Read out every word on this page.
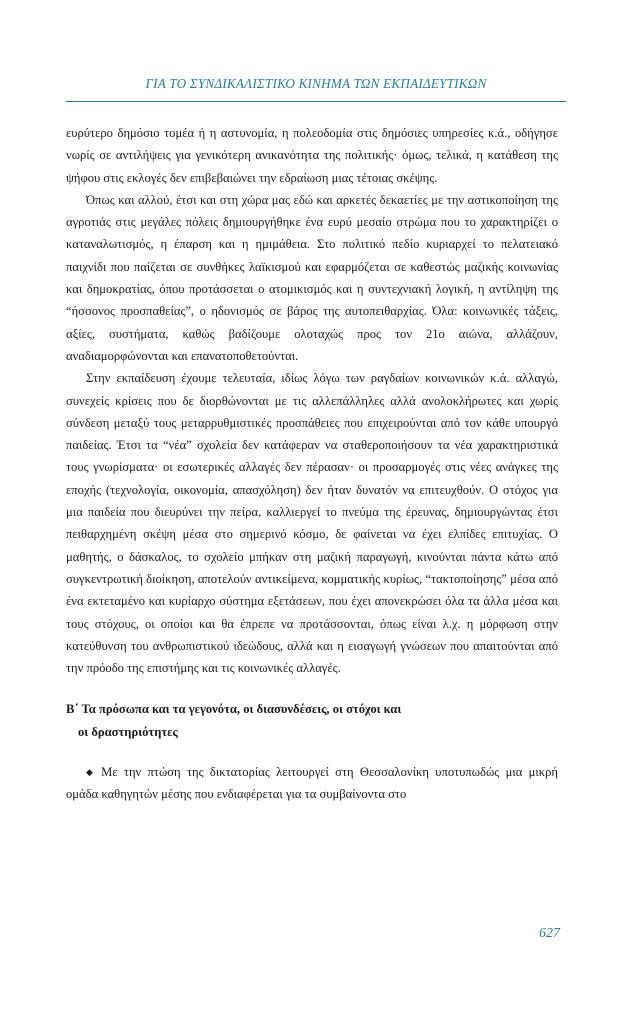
ΓΙΑ ΤΟ ΣΥΝΔΙΚΑΛΙΣΤΙΚΟ ΚΙΝΗΜΑ ΤΩΝ ΕΚΠΑΙΔΕΥΤΙΚΩΝ

ευρύτερο δημόσιο τομέα ή η αστυνομία, η πολεοδομία στις δημόσιες υπηρεσίες κ.ά., οδήγησε νωρίς σε αντιλήψεις για γενικότερη ανικανότητα της πολιτικής· όμως, τελικά, η κατάθεση της ψήφου στις εκλογές δεν επιβεβαιώνει την εδραίωση μιας τέτοιας σκέψης.

Όπως και αλλού, έτσι και στη χώρα μας εδώ και αρκετές δεκαετίες με την αστικοποίηση της αγροτιάς στις μεγάλες πόλεις δημιουργήθηκε ένα ευρύ μεσαίο στρώμα που το χαρακτηρίζει ο καταναλωτισμός, η έπαρση και η ημιμάθεια. Στο πολιτικό πεδίο κυριαρχεί το πελατειακό παιχνίδι που παίζεται σε συνθήκες λαϊκισμού και εφαρμόζεται σε καθεστώς μαζικής κοινωνίας και δημοκρατίας, όπου προτάσσεται ο ατομικισμός και η συντεχνιακή λογική, η αντίληψη της “ήσσονος προσπαθείας”, ο ηδονισμός σε βάρος της αυτοπειθαρχίας. Όλα: κοινωνικές τάξεις, αξίες, συστήματα, καθώς βαδίζουμε ολοταχώς προς τον 21ο αιώνα, αλλάζουν, αναδιαμορφώνονται και επανατοποθετούνται.

Στην εκπαίδευση έχουμε τελευταία, ιδίως λόγω των ραγδαίων κοινωνικών κ.ά. αλλαγώ, συνεχείς κρίσεις που δε διορθώνονται με τις αλλεπάλληλες αλλά ανολοκλήρωτες και χωρίς σύνδεση μεταξύ τους μεταρρυθμιστικές προσπάθειες που επιχειρούνται από τον κάθε υπουργό παιδείας. Έτσι τα “νέα” σχολεία δεν κατάφεραν να σταθεροποιήσουν τα νέα χαρακτηριστικά τους γνωρίσματα· οι εσωτερικές αλλαγές δεν πέρασαν· οι προσαρμογές στις νέες ανάγκες της εποχής (τεχνολογία, οικονομία, απασχόληση) δεν ήταν δυνατόν να επιτευχθούν. Ο στόχος για μια παιδεία που διευρύνει την πείρα, καλλιεργεί το πνεύμα της έρευνας, δημιουργώντας έτσι πειθαρχημένη σκέψη μέσα στο σημερινό κόσμο, δε φαίνεται να έχει ελπίδες επιτυχίας. Ο μαθητής, ο δάσκαλος, το σχολείο μπήκαν στη μαζική παραγωγή, κινούνται πάντα κάτω από συγκεντρωτική διοίκηση, αποτελούν αντικείμενα, κομματικής κυρίως, “τακτοποίησης” μέσα από ένα εκτεταμένο και κυρίαρχο σύστημα εξετάσεων, που έχει απονεκρώσει όλα τα άλλα μέσα και τους στόχους, οι οποίοι και θα έπρεπε να προτάσσονται, όπως είναι λ.χ. η μόρφωση στην κατεύθυνση του ανθρωπιστικού ιδεώδους, αλλά και η εισαγωγή γνώσεων που απαιτούνται από την πρόοδο της επιστήμης και τις κοινωνικές αλλαγές.

Β΄ Τα πρόσωπα και τα γεγονότα, οι διασυνδέσεις, οι στόχοι και
οι δραστηριότητες

◆ Με την πτώση της δικτατορίας λειτουργεί στη Θεσσαλονίκη υποτυπωδώς μια μικρή ομάδα καθηγητών μέσης που ενδιαφέρεται για τα συμβαίνοντα στο

627
